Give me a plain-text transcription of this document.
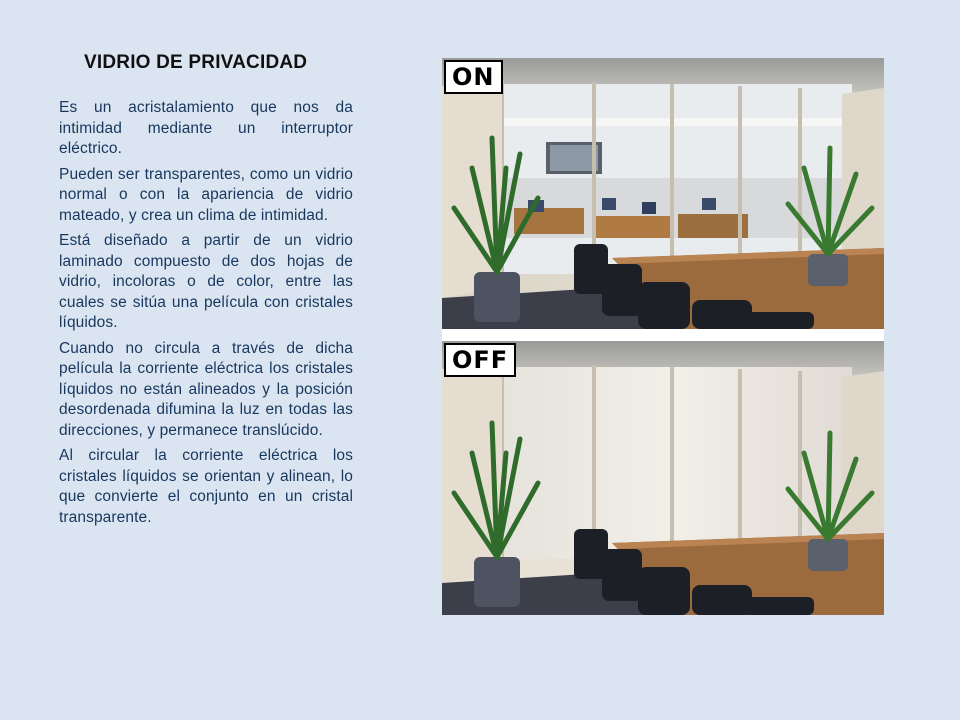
VIDRIO DE PRIVACIDAD

Es un acristalamiento que nos da intimidad mediante un interruptor eléctrico.

Pueden ser transparentes, como un vidrio normal o con la apariencia de vidrio mateado, y crea un clima de intimidad.

Está diseñado a partir de un vidrio laminado compuesto de dos hojas de vidrio, incoloras o de color, entre las cuales se sitúa una película con cristales líquidos.

Cuando no circula a través de dicha película la corriente eléctrica los cristales líquidos no están alineados y la posición desordenada difumina la luz en todas las direcciones, y permanece translúcido.

Al circular la corriente eléctrica los cristales líquidos se orientan y alinean, lo que convierte el conjunto en un cristal transparente.

ON
OFF
